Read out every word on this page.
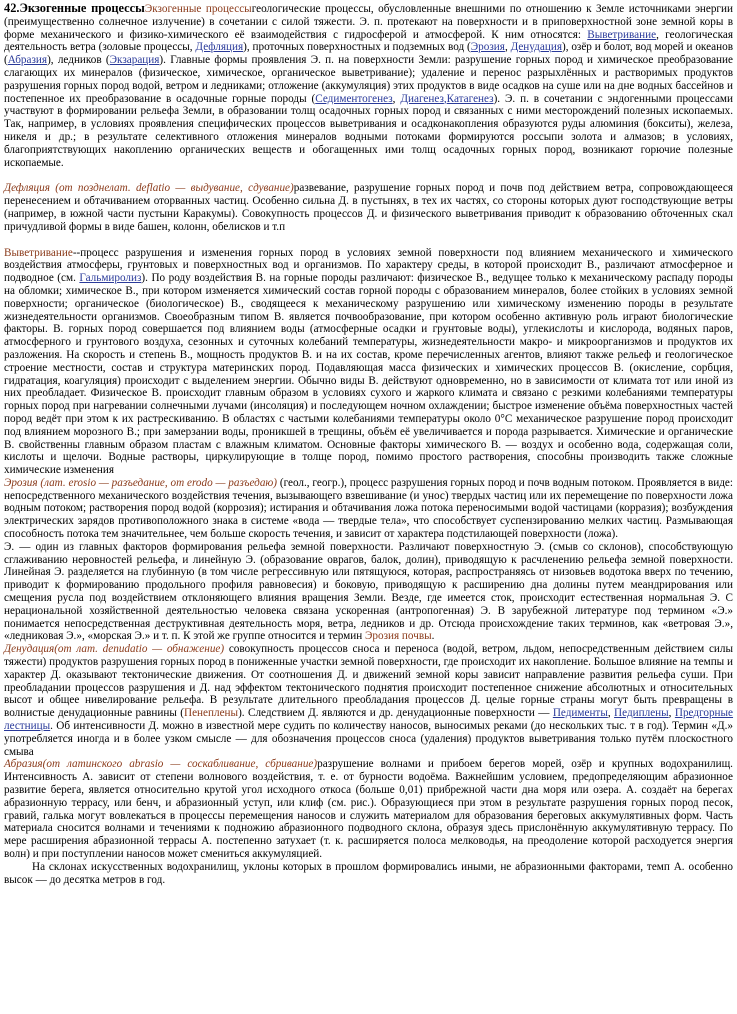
42.Экзогенные процессыЭкзогенные процессыгеологические процессы, обусловленные внешними по отношению к Земле источниками энергии (преимущественно солнечное излучение) в сочетании с силой тяжести. Э. п. протекают на поверхности и в приповерхностной зоне земной коры в форме механического и физико-химического её взаимодействия с гидросферой и атмосферой. К ним относятся: Выветривание, геологическая деятельность ветра (золовые процессы, Дефляция), проточных поверхностных и подземных вод (Эрозия, Денудация), озёр и болот, вод морей и океанов (Абразия), ледников (Экзарация). Главные формы проявления Э. п. на поверхности Земли: разрушение горных пород и химическое преобразование слагающих их минералов (физическое, химическое, органическое выветривание); удаление и перенос разрыхлённых и растворимых продуктов разрушения горных пород водой, ветром и ледниками; отложение (аккумуляция) этих продуктов в виде осадков на суше или на дне водных бассейнов и постепенное их преобразование в осадочные горные породы (Седиментогенез, Диагенез,Катагенез). Э. п. в сочетании с эндогенными процессами участвуют в формировании рельефа Земли, в образовании толщ осадочных горных пород и связанных с ними месторождений полезных ископаемых. Так, например, в условиях проявления специфических процессов выветривания и осадконакопления образуются руды алюминия (бокситы), железа, никеля и др.; в результате селективного отложения минералов водными потоками формируются россыпи золота и алмазов; в условиях, благоприятствующих накоплению органических веществ и обогащенных ими толщ осадочных горных пород, возникают горючие полезные ископаемые.

Дефляция (от позднелат. deflatio — выдувание, сдувание)развевание, разрушение горных пород и почв под действием ветра, сопровождающееся перенесением и обтачиванием оторванных частиц. Особенно сильна Д. в пустынях, в тех их частях, со стороны которых дуют господствующие ветры (например, в южной части пустыни Каракумы). Совокупность процессов Д. и физического выветривания приводит к образованию обточенных скал причудливой формы в виде башен, колонн, обелисков и т.п

Выветривание--процесс разрушения и изменения горных пород в условиях земной поверхности под влиянием механического и химического воздействия атмосферы, грунтовых и поверхностных вод и организмов. По характеру среды, в которой происходит В., различают атмосферное и подводное (см. Гальмиролиз). По роду воздействия В. на горные породы различают: физическое В., ведущее только к механическому распаду породы на обломки; химическое В., при котором изменяется химический состав горной породы с образованием минералов, более стойких в условиях земной поверхности; органическое (биологическое) В., сводящееся к механическому разрушению или химическому изменению породы в результате жизнедеятельности организмов. Своеобразным типом В. является почвообразование, при котором особенно активную роль играют биологические факторы. В. горных пород совершается под влиянием воды (атмосферные осадки и грунтовые воды), углекислоты и кислорода, водяных паров, атмосферного и грунтового воздуха, сезонных и суточных колебаний температуры, жизнедеятельности макро- и микроорганизмов и продуктов их разложения. На скорость и степень В., мощность продуктов В. и на их состав, кроме перечисленных агентов, влияют также рельеф и геологическое строение местности, состав и структура материнских пород. Подавляющая масса физических и химических процессов В. (окисление, сорбция, гидратация, коагуляция) происходит с выделением энергии. Обычно виды В. действуют одновременно, но в зависимости от климата тот или иной из них преобладает. Физическое В. происходит главным образом в условиях сухого и жаркого климата и связано с резкими колебаниями температуры горных пород при нагревании солнечными лучами (инсоляция) и последующем ночном охлаждении; быстрое изменение объёма поверхностных частей пород ведёт при этом к их растрескиванию. В областях с частыми колебаниями температуры около 0°С механическое разрушение пород происходит под влиянием морозного В.; при замерзании воды, проникшей в трещины, объём её увеличивается и порода разрывается. Химические и органические В. свойственны главным образом пластам с влажным климатом. Основные факторы химического В. — воздух и особенно вода, содержащая соли, кислоты и щелочи. Водные растворы, циркулирующие в толще пород, помимо простого растворения, способны производить также сложные химические изменения

Эрозия (лат. erosio — разъедание, от erodo — разъедаю) (геол., геогр.), процесс разрушения горных пород и почв водным потоком. Проявляется в виде: непосредственного механического воздействия течения, вызывающего взвешивание (и унос) твердых частиц или их перемещение по поверхности ложа водным потоком; растворения пород водой (коррозия); истирания и обтачивания ложа потока переносимыми водой частицами (корразия); возбуждения электрических зарядов противоположного знака в системе «вода — твердые тела», что способствует суспензированию мелких частиц. Размывающая способность потока тем значительнее, чем больше скорость течения, и зависит от характера подстилающей поверхности (ложа).

Э. — один из главных факторов формирования рельефа земной поверхности. Различают поверхностную Э. (смыв со склонов), способствующую сглаживанию неровностей рельефа, и линейную Э. (образование оврагов, балок, долин), приводящую к расчленению рельефа земной поверхности. Линейная Э. разделяется на глубинную (в том числе регрессивную или пятящуюся, которая, распространяясь от низовьев водотока вверх по течению, приводит к формированию продольного профиля равновесия) и боковую, приводящую к расширению дна долины путем меандрирования или смещения русла под воздействием отклоняющего влияния вращения Земли. Везде, где имеется сток, происходит естественная нормальная Э. С нерациональной хозяйственной деятельностью человека связана ускоренная (антропогенная) Э. В зарубежной литературе под термином «Э.» понимается непосредственная деструктивная деятельность моря, ветра, ледников и др. Отсюда происхождение таких терминов, как «ветровая Э.», «ледниковая Э.», «морская Э.» и т. п. К этой же группе относится и термин Эрозия почвы.

Денудация(от лат. denudatio — обнажение) совокупность процессов сноса и переноса (водой, ветром, льдом, непосредственным действием силы тяжести) продуктов разрушения горных пород в пониженные участки земной поверхности, где происходит их накопление. Большое влияние на темпы и характер Д. оказывают тектонические движения. От соотношения Д. и движений земной коры зависит направление развития рельефа суши. При преобладании процессов разрушения и Д. над эффектом тектонического поднятия происходит постепенное снижение абсолютных и относительных высот и общее нивелирование рельефа. В результате длительного преобладания процессов Д. целые горные страны могут быть превращены в волнистые денудационные равнины (Пенеплены). Следствием Д. являются и др. денудационные поверхности — Педименты, Педиплены, Предгорные лестницы. Об интенсивности Д. можно в известной мере судить по количеству наносов, выносимых реками (до нескольких тыс. т в год). Термин «Д.» употребляется иногда и в более узком смысле — для обозначения процессов сноса (удаления) продуктов выветривания только путём плоскостного смыва

Абразия(от латинского abrasio — соскабливание, сбривание)разрушение волнами и прибоем берегов морей, озёр и крупных водохранилищ. Интенсивность А. зависит от степени волнового воздействия, т. е. от бурности водоёма. Важнейшим условием, предопределяющим абразионное развитие берега, является относительно крутой угол исходного откоса (больше 0,01) прибрежной части дна моря или озера. А. создаёт на берегах абразионную террасу, или бенч, и абразионный уступ, или клиф (см. рис.). Образующиеся при этом в результате разрушения горных пород песок, гравий, галька могут вовлекаться в процессы перемещения наносов и служить материалом для образования береговых аккумулятивных форм. Часть материала сносится волнами и течениями к подножию абразионного подводного склона, образуя здесь прислонённую аккумулятивную террасу. По мере расширения абразионной террасы А. постепенно затухает (т. к. расширяется полоса мелководья, на преодоление которой расходуется энергия волн) и при поступлении наносов может смениться аккумуляцией.

На склонах искусственных водохранилищ, уклоны которых в прошлом формировались иными, не абразионными факторами, темп А. особенно высок — до десятка метров в год.
